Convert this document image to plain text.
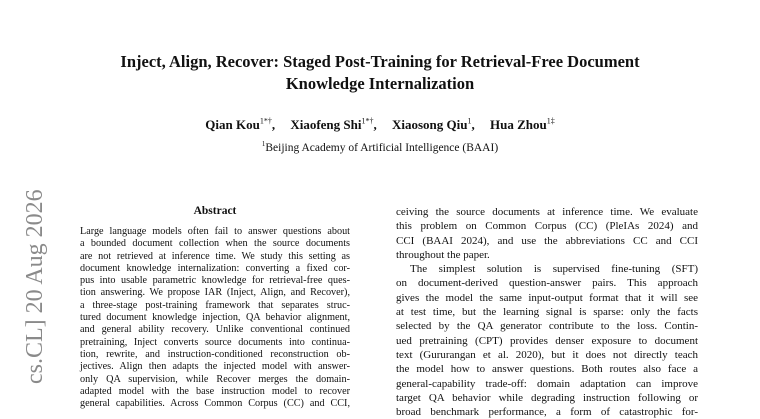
Inject, Align, Recover: Staged Post-Training for Retrieval-Free Document
Knowledge Internalization
Qian Kou$^{1*\dagger}$, Xiaofeng Shi$^{1*\dagger}$, Xiaosong Qiu$^1$, Hua Zhou$^{1\ddagger}$
$^1$Beijing Academy of Artificial Intelligence (BAAI)
cs.CL] 20 Aug 2026	Abstract
Large language models often fail to answer questions about
a bounded document collection when the source documents
are not retrieved at inference time. We study this setting as
document knowledge internalization: converting a fixed cor-
pus into usable parametric knowledge for retrieval-free ques-
tion answering. We propose IAR (Inject, Align, and Recover),
a three-stage post-training framework that separates struc-
tured document knowledge injection, QA behavior alignment,
and general ability recovery. Unlike conventional continued
pretraining, Inject converts source documents into continua-
tion, rewrite, and instruction-conditioned reconstruction ob-
jectives. Align then adapts the injected model with answer-
only QA supervision, while Recover merges the domain-
adapted model with the base instruction model to recover
general capabilities. Across Common Corpus (CC) and CCI,
ceiving the source documents at inference time. We evaluate
this problem on Common Corpus (CC) (PleIAs 2024) and
CCI (BAAI 2024), and use the abbreviations CC and CCI
throughout the paper.
The simplest solution is supervised fine-tuning (SFT)
on document-derived question-answer pairs. This approach
gives the model the same input-output format that it will see
at test time, but the learning signal is sparse: only the facts
selected by the QA generator contribute to the loss. Contin-
ued pretraining (CPT) provides denser exposure to document
text (Gururangan et al. 2020), but it does not directly teach
the model how to answer questions. Both routes also face a
general-capability trade-off: domain adaptation can improve
target QA behavior while degrading instruction following or
broad benchmark performance, a form of catastrophic for-
